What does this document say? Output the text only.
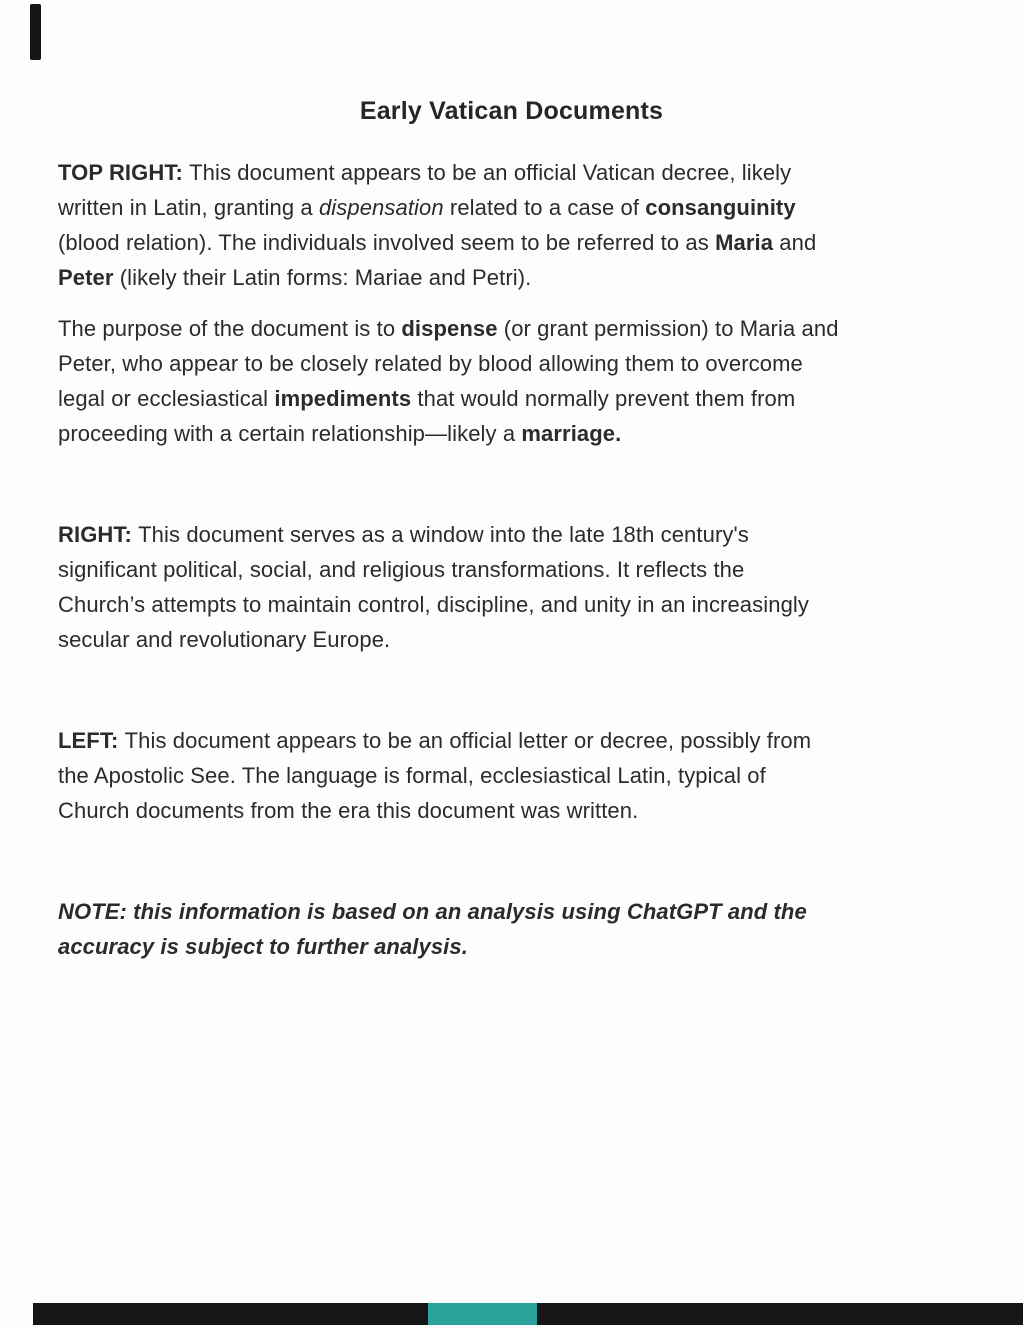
Early Vatican Documents

TOP RIGHT: This document appears to be an official Vatican decree, likely
written in Latin, granting a dispensation related to a case of consanguinity
(blood relation). The individuals involved seem to be referred to as Maria and
Peter (likely their Latin forms: Mariae and Petri).

The purpose of the document is to dispense (or grant permission) to Maria and
Peter, who appear to be closely related by blood allowing them to overcome
legal or ecclesiastical impediments that would normally prevent them from
proceeding with a certain relationship—likely a marriage.

RIGHT: This document serves as a window into the late 18th century's
significant political, social, and religious transformations. It reflects the
Church’s attempts to maintain control, discipline, and unity in an increasingly
secular and revolutionary Europe.

LEFT: This document appears to be an official letter or decree, possibly from
the Apostolic See. The language is formal, ecclesiastical Latin, typical of
Church documents from the era this document was written.

NOTE: this information is based on an analysis using ChatGPT and the
accuracy is subject to further analysis.
